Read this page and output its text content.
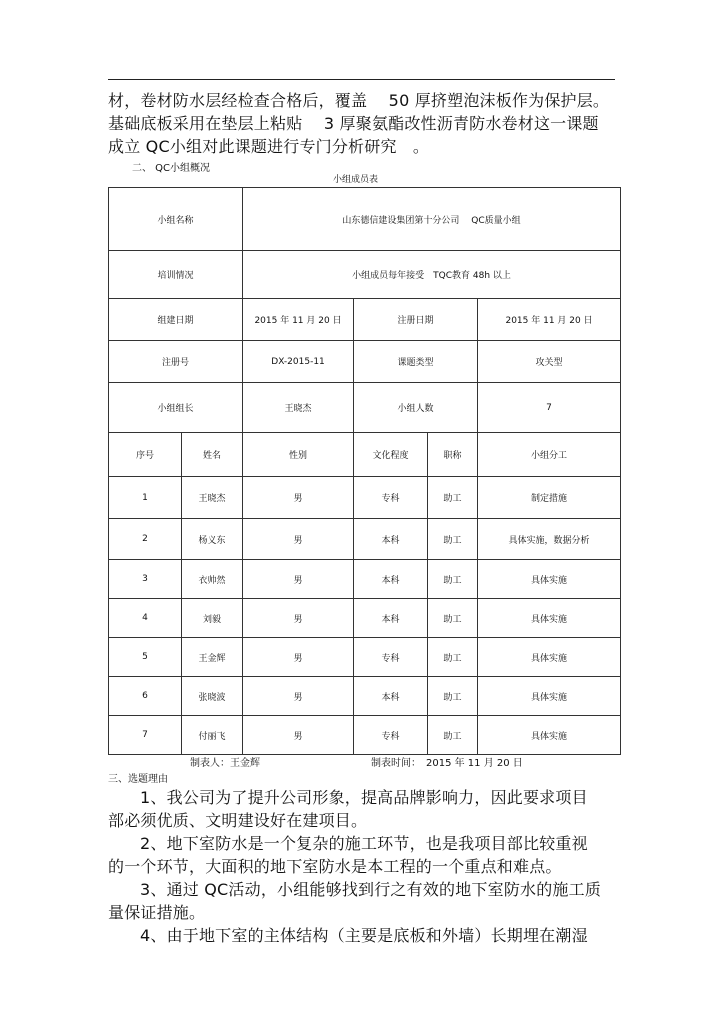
材，卷材防水层经检查合格后，覆盖　 50 厚挤塑泡沫板作为保护层。
基础底板采用在垫层上粘贴　 3 厚聚氨酯改性沥青防水卷材这一课题
成立 QC小组对此课题进行专门分析研究　。
二、 QC小组概况
小组成员表
小组名称		山东德信建设集团第十分公司　 QC质量小组			
培训情况		小组成员每年接受　TQC教育 48h 以上			
组建日期		2015 年 11 月 20 日	注册日期		2015 年 11 月 20 日
注册号		DX-2015-11	课题类型		攻关型
小组组长		王晓杰	小组人数		7
序号	姓名	性别	文化程度	职称	小组分工
1	王晓杰	男	专科	助工	制定措施
2	杨义东	男	本科	助工	具体实施，数据分析
3	衣帅然	男	本科	助工	具体实施
4	刘毅	男	本科	助工	具体实施
5	王金辉	男	专科	助工	具体实施
6	张晓波	男	本科	助工	具体实施
7	付丽飞	男	专科	助工	具体实施
制表人：王金辉	制表时间：　2015 年 11 月 20 日
三、选题理由
1、我公司为了提升公司形象，提高品牌影响力，因此要求项目
部必须优质、文明建设好在建项目。
2、地下室防水是一个复杂的施工环节，也是我项目部比较重视
的一个环节，大面积的地下室防水是本工程的一个重点和难点。
3、通过 QC活动，小组能够找到行之有效的地下室防水的施工质
量保证措施。
4、由于地下室的主体结构（主要是底板和外墙）长期埋在潮湿
